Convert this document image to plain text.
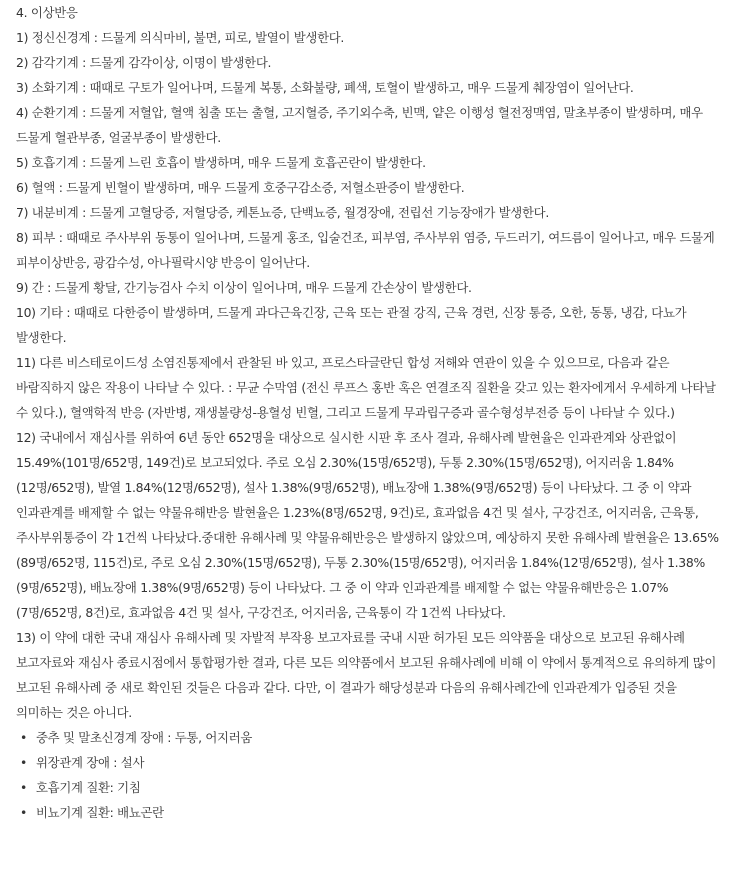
4. 이상반응

1) 정신신경계 : 드물게 의식마비, 불면, 피로, 발열이 발생한다.

2) 감각기계 : 드물게 감각이상, 이명이 발생한다.

3) 소화기계 : 때때로 구토가 일어나며, 드물게 복통, 소화불량, 폐색, 토혈이 발생하고, 매우 드물게 췌장염이 일어난다.

4) 순환기계 : 드물게 저혈압, 혈액 침출 또는 출혈, 고지혈증, 주기외수축, 빈맥, 얕은 이행성 혈전정맥염, 말초부종이 발생하며, 매우 드물게 혈관부종, 얼굴부종이 발생한다.

5) 호흡기계 : 드물게 느린 호흡이 발생하며, 매우 드물게 호흡곤란이 발생한다.

6) 혈액 : 드물게 빈혈이 발생하며, 매우 드물게 호중구감소증, 저혈소판증이 발생한다.

7) 내분비계 : 드물게 고혈당증, 저혈당증, 케톤뇨증, 단백뇨증, 월경장애, 전립선 기능장애가 발생한다.

8) 피부 : 때때로 주사부위 동통이 일어나며, 드물게 홍조, 입술건조, 피부염, 주사부위 염증, 두드러기, 여드름이 일어나고, 매우 드물게 피부이상반응, 광감수성, 아나필락시양 반응이 일어난다.

9) 간 : 드물게 황달, 간기능검사 수치 이상이 일어나며, 매우 드물게 간손상이 발생한다.

10) 기타 : 때때로 다한증이 발생하며, 드물게 과다근육긴장, 근육 또는 관절 강직, 근육 경련, 신장 통증, 오한, 동통, 냉감, 다뇨가 발생한다.

11) 다른 비스테로이드성 소염진통제에서 관찰된 바 있고, 프로스타글란딘 합성 저해와 연관이 있을 수 있으므로, 다음과 같은 바람직하지 않은 작용이 나타날 수 있다. : 무균 수막염 (전신 루프스 홍반 혹은 연결조직 질환을 갖고 있는 환자에게서 우세하게 나타날 수 있다.), 혈액학적 반응 (자반병, 재생불량성-용혈성 빈혈, 그리고 드물게 무과립구증과 골수형성부전증 등이 나타날 수 있다.)

12) 국내에서 재심사를 위하여 6년 동안 652명을 대상으로 실시한 시판 후 조사 결과, 유해사례 발현율은 인과관계와 상관없이 15.49%(101명/652명, 149건)로 보고되었다. 주로 오심 2.30%(15명/652명), 두통 2.30%(15명/652명), 어지러움 1.84%(12명/652명), 발열 1.84%(12명/652명), 설사 1.38%(9명/652명), 배뇨장애 1.38%(9명/652명) 등이 나타났다. 그 중 이 약과 인과관계를 배제할 수 없는 약물유해반응 발현율은 1.23%(8명/652명, 9건)로, 효과없음 4건 및 설사, 구강건조, 어지러움, 근육통, 주사부위통증이 각 1건씩 나타났다.중대한 유해사례 및 약물유해반응은 발생하지 않았으며, 예상하지 못한 유해사례 발현율은 13.65%(89명/652명, 115건)로, 주로 오심 2.30%(15명/652명), 두통 2.30%(15명/652명), 어지러움 1.84%(12명/652명), 설사 1.38%(9명/652명), 배뇨장애 1.38%(9명/652명) 등이 나타났다. 그 중 이 약과 인과관계를 배제할 수 없는 약물유해반응은 1.07%(7명/652명, 8건)로, 효과없음 4건 및 설사, 구강건조, 어지러움, 근육통이 각 1건씩 나타났다.

13) 이 약에 대한 국내 재심사 유해사례 및 자발적 부작용 보고자료를 국내 시판 허가된 모든 의약품을 대상으로 보고된 유해사례 보고자료와 재심사 종료시점에서 통합평가한 결과, 다른 모든 의약품에서 보고된 유해사례에 비해 이 약에서 통계적으로 유의하게 많이 보고된 유해사례 중 새로 확인된 것들은 다음과 같다. 다만, 이 결과가 해당성분과 다음의 유해사례간에 인과관계가 입증된 것을 의미하는 것은 아니다.

• 중추 및 말초신경계 장애 : 두통, 어지러움
• 위장관계 장애 : 설사
• 호흡기계 질환: 기침
• 비뇨기계 질환: 배뇨곤란
